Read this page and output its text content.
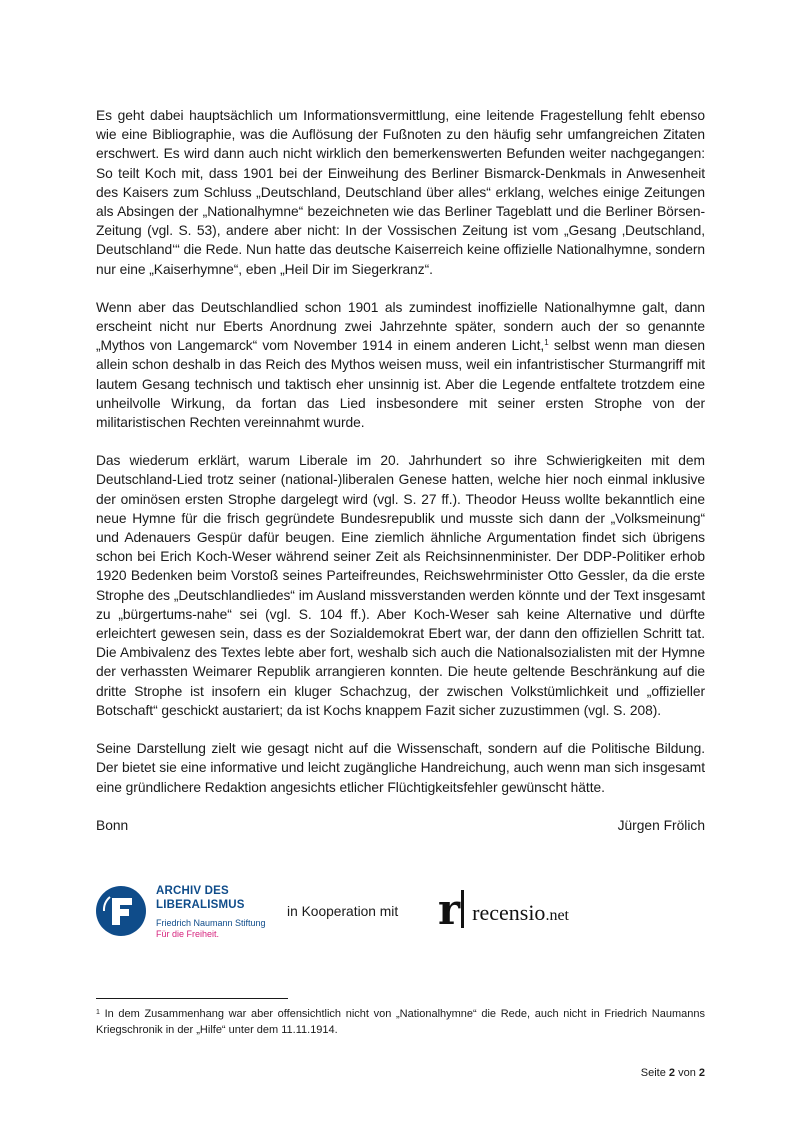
Es geht dabei hauptsächlich um Informationsvermittlung, eine leitende Fragestellung fehlt ebenso wie eine Bibliographie, was die Auflösung der Fußnoten zu den häufig sehr umfangreichen Zitaten erschwert. Es wird dann auch nicht wirklich den bemerkenswerten Befunden weiter nachgegangen: So teilt Koch mit, dass 1901 bei der Einweihung des Berliner Bismarck-Denkmals in Anwesenheit des Kaisers zum Schluss „Deutschland, Deutschland über alles“ erklang, welches einige Zeitungen als Absingen der „Nationalhymne“ bezeichneten wie das Berliner Tageblatt und die Berliner Börsen-Zeitung (vgl. S. 53), andere aber nicht: In der Vossischen Zeitung ist vom „Gesang ‚Deutschland, Deutschland‘“ die Rede. Nun hatte das deutsche Kaiserreich keine offizielle Nationalhymne, sondern nur eine „Kaiserhymne“, eben „Heil Dir im Siegerkranz“.

Wenn aber das Deutschlandlied schon 1901 als zumindest inoffizielle Nationalhymne galt, dann erscheint nicht nur Eberts Anordnung zwei Jahrzehnte später, sondern auch der so genannte „Mythos von Langemarck“ vom November 1914 in einem anderen Licht,$^1$ selbst wenn man diesen allein schon deshalb in das Reich des Mythos weisen muss, weil ein infantristischer Sturmangriff mit lautem Gesang technisch und taktisch eher unsinnig ist. Aber die Legende entfaltete trotzdem eine unheilvolle Wirkung, da fortan das Lied insbesondere mit seiner ersten Strophe von der militaristischen Rechten vereinnahmt wurde.

Das wiederum erklärt, warum Liberale im 20. Jahrhundert so ihre Schwierigkeiten mit dem Deutschland-Lied trotz seiner (national-)liberalen Genese hatten, welche hier noch einmal inklusive der ominösen ersten Strophe dargelegt wird (vgl. S. 27 ff.). Theodor Heuss wollte bekanntlich eine neue Hymne für die frisch gegründete Bundesrepublik und musste sich dann der „Volksmeinung“ und Adenauers Gespür dafür beugen. Eine ziemlich ähnliche Argumentation findet sich übrigens schon bei Erich Koch-Weser während seiner Zeit als Reichsinnenminister. Der DDP-Politiker erhob 1920 Bedenken beim Vorstoß seines Parteifreundes, Reichswehrminister Otto Gessler, da die erste Strophe des „Deutschlandliedes“ im Ausland missverstanden werden könnte und der Text insgesamt zu „bürgertums-nahe“ sei (vgl. S. 104 ff.). Aber Koch-Weser sah keine Alternative und dürfte erleichtert gewesen sein, dass es der Sozialdemokrat Ebert war, der dann den offiziellen Schritt tat. Die Ambivalenz des Textes lebte aber fort, weshalb sich auch die Nationalsozialisten mit der Hymne der verhassten Weimarer Republik arrangieren konnten. Die heute geltende Beschränkung auf die dritte Strophe ist insofern ein kluger Schachzug, der zwischen Volkstümlichkeit und „offizieller Botschaft“ geschickt austariert; da ist Kochs knappem Fazit sicher zuzustimmen (vgl. S. 208).

Seine Darstellung zielt wie gesagt nicht auf die Wissenschaft, sondern auf die Politische Bildung. Der bietet sie eine informative und leicht zugängliche Handreichung, auch wenn man sich insgesamt eine gründlichere Redaktion angesichts etlicher Flüchtigkeitsfehler gewünscht hätte.

Bonn	Jürgen Frölich
ARCHIV DES
LIBERALISMUS
Friedrich Naumann Stiftung
Für die Freiheit.
in Kooperation mit r recensio.net
$^1$ In dem Zusammenhang war aber offensichtlich nicht von „Nationalhymne“ die Rede, auch nicht in Friedrich Naumanns Kriegschronik in der „Hilfe“ unter dem 11.11.1914.
Seite 2 von 2
